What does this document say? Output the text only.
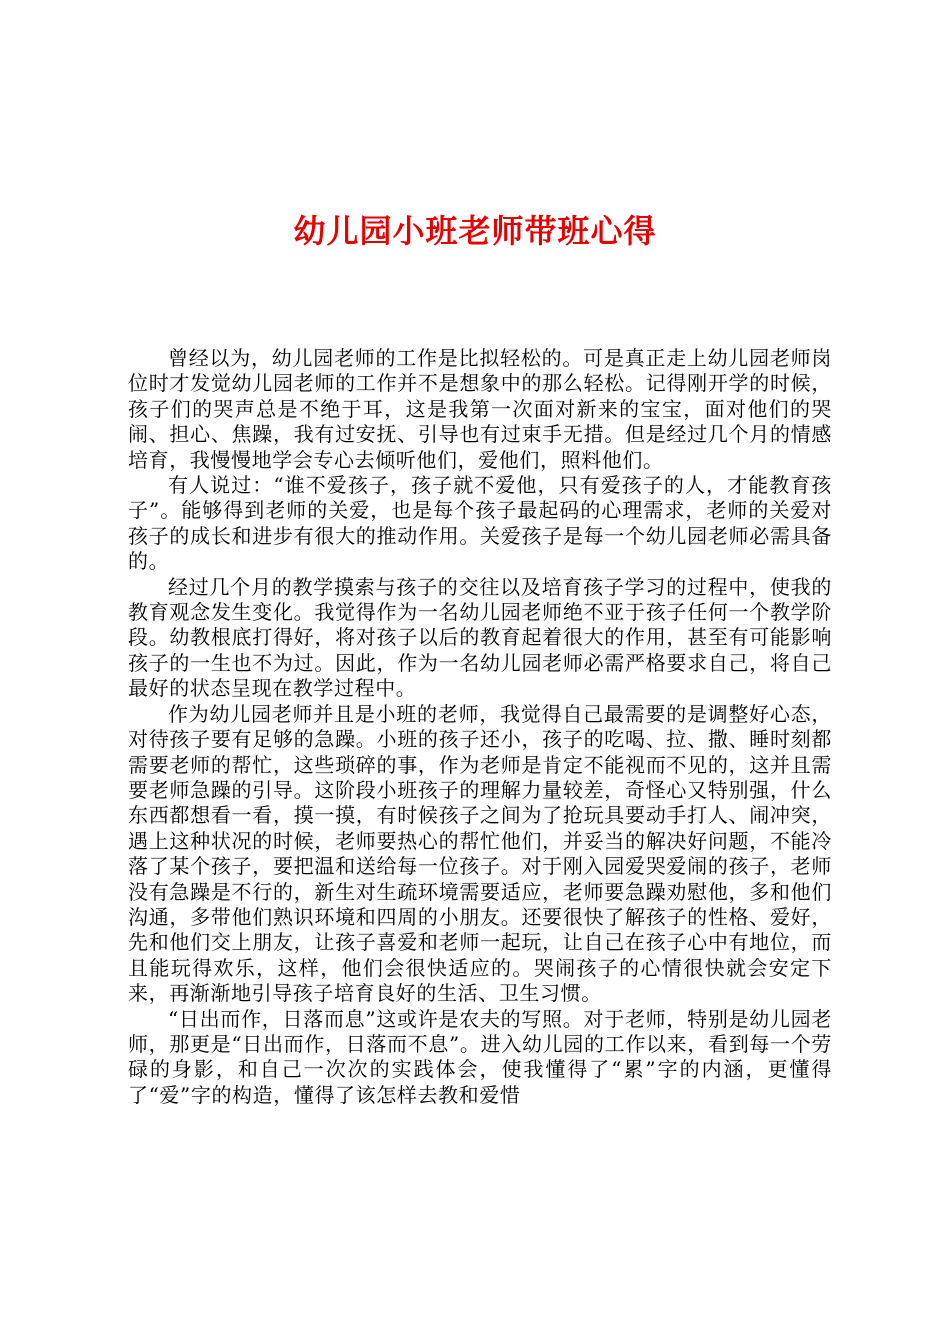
幼儿园小班老师带班心得

曾经以为，幼儿园老师的工作是比拟轻松的。可是真正走上幼儿园老师岗位时才发觉幼儿园老师的工作并不是想象中的那么轻松。记得刚开学的时候，孩子们的哭声总是不绝于耳，这是我第一次面对新来的宝宝，面对他们的哭闹、担心、焦躁，我有过安抚、引导也有过束手无措。但是经过几个月的情感培育，我慢慢地学会专心去倾听他们，爱他们，照料他们。

有人说过：“谁不爱孩子，孩子就不爱他，只有爱孩子的人，才能教育孩子”。能够得到老师的关爱，也是每个孩子最起码的心理需求，老师的关爱对孩子的成长和进步有很大的推动作用。关爱孩子是每一个幼儿园老师必需具备的。

经过几个月的教学摸索与孩子的交往以及培育孩子学习的过程中，使我的教育观念发生变化。我觉得作为一名幼儿园老师绝不亚于孩子任何一个教学阶段。幼教根底打得好，将对孩子以后的教育起着很大的作用，甚至有可能影响孩子的一生也不为过。因此，作为一名幼儿园老师必需严格要求自己，将自己最好的状态呈现在教学过程中。

作为幼儿园老师并且是小班的老师，我觉得自己最需要的是调整好心态，对待孩子要有足够的急躁。小班的孩子还小，孩子的吃喝、拉、撒、睡时刻都需要老师的帮忙，这些琐碎的事，作为老师是肯定不能视而不见的，这并且需要老师急躁的引导。这阶段小班孩子的理解力量较差，奇怪心又特别强，什么东西都想看一看，摸一摸，有时候孩子之间为了抢玩具要动手打人、闹冲突，遇上这种状况的时候，老师要热心的帮忙他们，并妥当的解决好问题，不能冷落了某个孩子，要把温和送给每一位孩子。对于刚入园爱哭爱闹的孩子，老师没有急躁是不行的，新生对生疏环境需要适应，老师要急躁劝慰他，多和他们沟通，多带他们熟识环境和四周的小朋友。还要很快了解孩子的性格、爱好，先和他们交上朋友，让孩子喜爱和老师一起玩，让自己在孩子心中有地位，而且能玩得欢乐，这样，他们会很快适应的。哭闹孩子的心情很快就会安定下来，再渐渐地引导孩子培育良好的生活、卫生习惯。

“日出而作，日落而息”这或许是农夫的写照。对于老师，特别是幼儿园老师，那更是“日出而作，日落而不息”。进入幼儿园的工作以来，看到每一个劳碌的身影，和自己一次次的实践体会，使我懂得了“累”字的内涵，更懂得了“爱”字的构造，懂得了该怎样去教和爱惜
